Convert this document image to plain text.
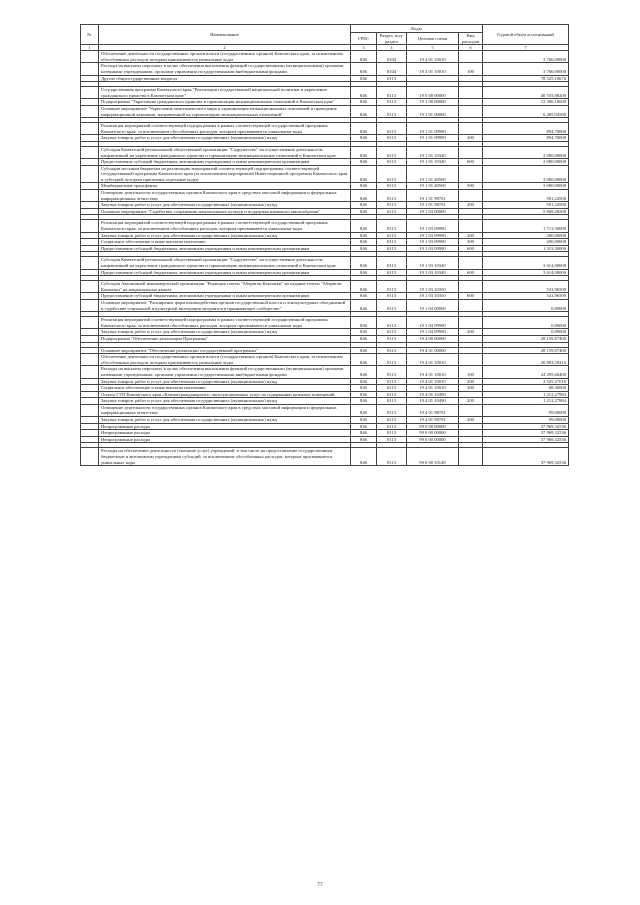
№	Наименование	Коды				Годовой объем ассигнований
		ГРБС	Раздел, под-раздел	Целевая статья	Вид расходов	
1	2	3	4	5	6	7
	Обеспечение деятельности государственных органов власти (государственных органов) Камчатского края, за исключением обособленных расходов, которым присваиваются уникальные коды	846	0104	19 4 01 10010		3 766,00000
	Расходы на выплаты персоналу в целях обеспечения выполнения функций государственными (муниципальными) органами, казенными учреждениями, органами управления государственными внебюджетными фондами	846	0104	19 4 01 10010	100	3 766,00000
	Другие общегосударственные вопросы	846	0113			78 525,10676

	Государственная программа Камчатского края "Реализация государственной национальной политики и укрепление гражданского единства в Камчатском крае"	846	0113	19 0 00 00000		40 555,98200
	Подпрограмма "Укрепление гражданского единства и гармонизация межнациональных отношений в Камчатском крае"	846	0113	19 1 00 00000		12 396,10000
	Основное мероприятие "Укрепление межэтнического мира и гармонизация межнациональных отношений и проведение информационной кампании, направленной на гармонизацию межнациональных отношений"	846	0113	19 1 01 00000		6 485,94500

	Реализация мероприятий соответствующей подпрограммы в рамках соответствующей государственной программы Камчатского края, за исключением обособленных расходов, которым присваиваются уникальные коды	846	0113	19 1 01 09990		894,70000
	Закупка товаров, работ и услуг для обеспечения государственных (муниципальных) нужд	846	0113	19 1 01 09990	200	894,70000

	Субсидия Камчатской региональной общественной организации "Содружество" на осуществление деятельности, направленной на укрепление гражданского единства и гармонизацию межнациональных отношений в Камчатском крае	846	0113	19 1 01 10340		2 000,00000
	Предоставление субсидий бюджетным, автономным учреждениям и иным некоммерческим организациям	846	0113	19 1 01 10340	600	2 000,00000
	Субсидии местным бюджетам на реализацию мероприятий соответствующей подпрограммы соответствующей государственной программы Камчатского края (за исключением мероприятий Инвестиционной программы Камчатского края и субсидий, которым присвоены отдельные коды)	846	0113	19 1 01 40560		3 000,00000
	Межбюджетные трансферты	846	0113	19 1 01 40560	500	3 000,00000
	Освещение деятельности государственных органов Камчатского края в средствах массовой информации и федеральных информационных агентствах	846	0113	19 1 01 98701		591,24500
	Закупка товаров, работ и услуг для обеспечения государственных (муниципальных) нужд	846	0113	19 1 01 98701	200	591,24500
	Основное мероприятие "Содействие сохранению национальных культур и поддержка языкового многообразия"	846	0113	19 1 03 00000		5 869,26500

	Реализация мероприятий соответствующей подпрограммы в рамках соответствующей государственной программы Камчатского края, за исключением обособленных расходов, которым присваиваются уникальные коды	846	0113	19 1 03 09990		1 713,30000
	Закупка товаров, работ и услуг для обеспечения государственных (муниципальных) нужд	846	0113	19 1 03 09990	200	200,00000
	Социальное обеспечение и иные выплаты населению	846	0113	19 1 03 09990	300	200,00000
	Предоставление субсидий бюджетным, автономным учреждениям и иным некоммерческим организациям	846	0113	19 1 03 09990	600	1 313,30000

	Субсидия Камчатской региональной общественной организации "Содружество" на осуществление деятельности, направленной на укрепление гражданского единства и гармонизацию межнациональных отношений в Камчатском крае	846	0113	19 1 03 10340		3 614,00000
	Предоставление субсидий бюджетным, автономным учреждениям и иным некоммерческим организациям	846	0113	19 1 03 10340	600	3 614,00000

	Субсидия Автономной некоммерческой организации "Редакция газеты "Абориген Камчатки" на издание газеты "Абориген Камчатки" на национальных языках	846	0113	19 1 03 10350		541,96500
	Предоставление субсидий бюджетным, автономным учреждениям и иным некоммерческим организациям	846	0113	19 1 03 10350	600	541,96500
	Основное мероприятие "Расширение форм взаимодействия органов государственной власти и этнокультурных объединений и содействие социальной и культурной интеграции мигрантов в принимающее сообщество"	846	0113	19 1 04 00000		0,89000

	Реализация мероприятий соответствующей подпрограммы в рамках соответствующей государственной программы Камчатского края, за исключением обособленных расходов, которым присваиваются уникальные коды	846	0113	19 1 04 09990		0,89000
	Закупка товаров, работ и услуг для обеспечения государственных (муниципальных) нужд	846	0113	19 1 04 09990	200	0,89000
	Подпрограмма "Обеспечение реализации Программы"	846	0113	19 4 00 00000		28 159,87400

	Основное мероприятие "Обеспечение реализации государственной программы"	846	0113	19 4 01 00000		28 159,87400
	Обеспечение деятельности государственных органов власти (государственных органов) Камчатского края, за исключением обособленных расходов, которым присваиваются уникальные коды	846	0113	19 4 01 10010		26 883,59416
	Расходы на выплаты персоналу в целях обеспечения выполнения функций государственными (муниципальными) органами, казенными учреждениями, органами управления государственными внебюджетными фондами	846	0113	19 4 01 10010	100	24 295,66400
	Закупка товаров, работ и услуг для обеспечения государственных (муниципальных) нужд	846	0113	19 4 01 10010	200	2 525,27016
	Социальное обеспечение и иные выплаты населению	846	0113	19 4 01 10010	300	68,30000
	Оплата ГУП Камчатского края «Камчатгражданпроект» эксплуатационных услуг по содержанию нежилых помещений	846	0113	19 4 01 10490		1 212,27984
	Закупка товаров, работ и услуг для обеспечения государственных (муниципальных) нужд	846	0113	19 4 01 10490	200	1 212,27984
	Освещение деятельности государственных органов Камчатского края в средствах массовой информации и федеральных информационных агентствах	846	0113	19 4 01 98701		99,00000
	Закупка товаров, работ и услуг для обеспечения государственных (муниципальных) нужд	846	0113	19 4 01 98701	200	99,00000
	Непрограммные расходы	846	0113	99 0 00 00000		37 969,32536
	Непрограммные расходы	846	0113	99 0 00 00000		37 969,32536
	Непрограммные расходы	846	0113	99 0 00 00000		37 969,32536

	Расходы на обеспечение деятельности (оказание услуг) учреждений, в том числе на предоставление государственным бюджетным и автономным учреждениям субсидий, за исключением обособленных расходов, которым присваиваются уникальные коды	846	0113	99 0 00 10140		37 969,32536
77
